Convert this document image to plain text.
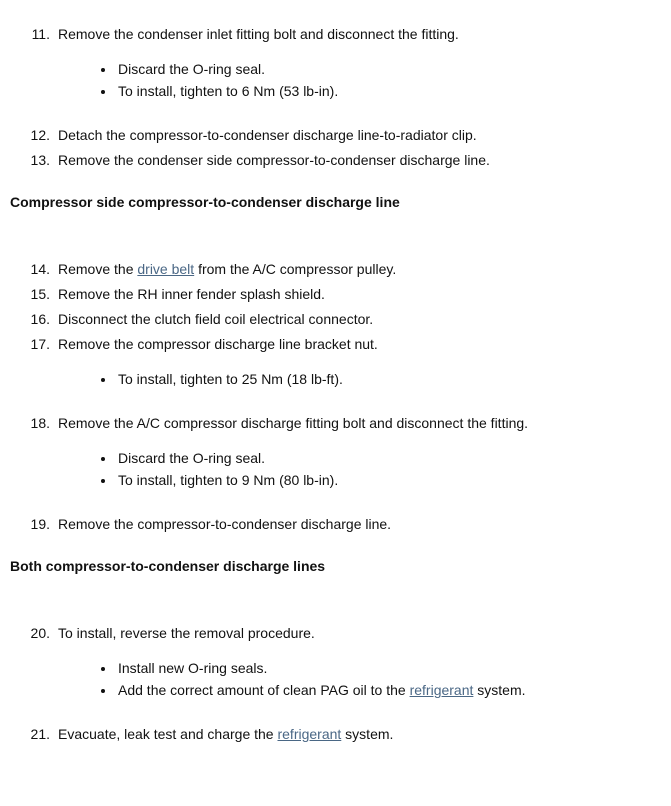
11. Remove the condenser inlet fitting bolt and disconnect the fitting.
• Discard the O-ring seal.
• To install, tighten to 6 Nm (53 lb-in).
12. Detach the compressor-to-condenser discharge line-to-radiator clip.
13. Remove the condenser side compressor-to-condenser discharge line.
Compressor side compressor-to-condenser discharge line
14. Remove the drive belt from the A/C compressor pulley.
15. Remove the RH inner fender splash shield.
16. Disconnect the clutch field coil electrical connector.
17. Remove the compressor discharge line bracket nut.
• To install, tighten to 25 Nm (18 lb-ft).
18. Remove the A/C compressor discharge fitting bolt and disconnect the fitting.
• Discard the O-ring seal.
• To install, tighten to 9 Nm (80 lb-in).
19. Remove the compressor-to-condenser discharge line.
Both compressor-to-condenser discharge lines
20. To install, reverse the removal procedure.
• Install new O-ring seals.
• Add the correct amount of clean PAG oil to the refrigerant system.
21. Evacuate, leak test and charge the refrigerant system.
